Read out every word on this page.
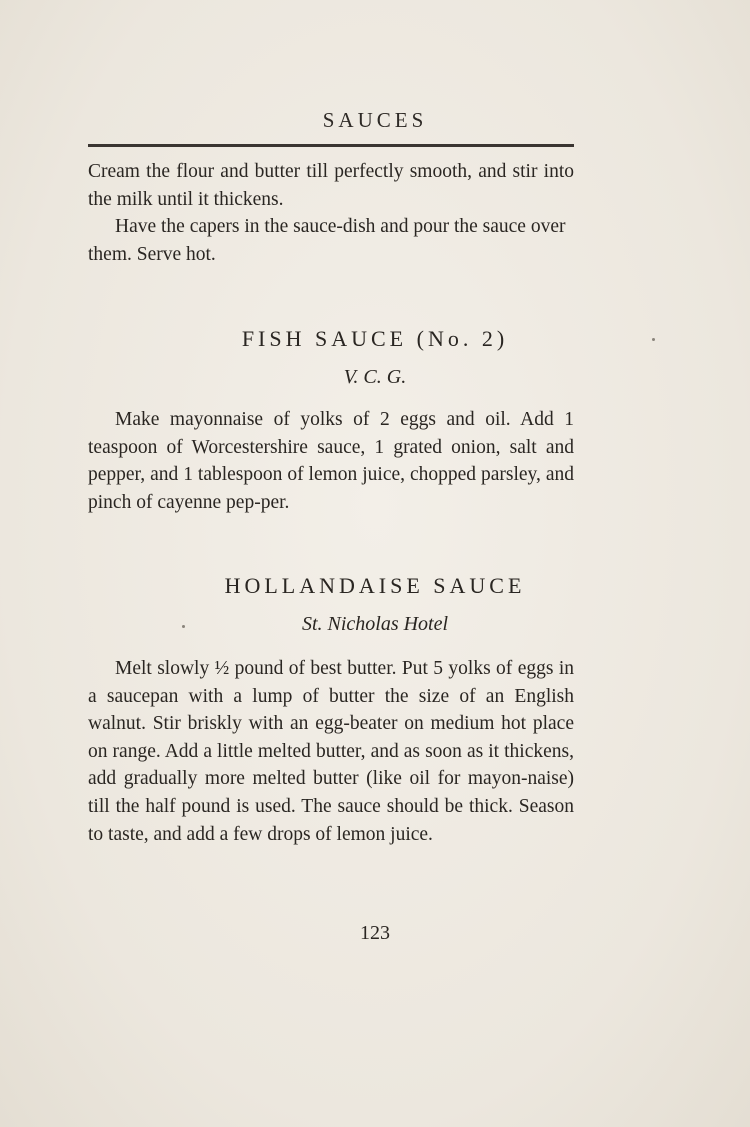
SAUCES

Cream the flour and butter till perfectly smooth, and stir into the milk until it thickens.

Have the capers in the sauce-dish and pour the sauce over them. Serve hot.

FISH SAUCE (No. 2)
V. C. G.

Make mayonnaise of yolks of 2 eggs and oil. Add 1 teaspoon of Worcestershire sauce, 1 grated onion, salt and pepper, and 1 tablespoon of lemon juice, chopped parsley, and pinch of cayenne pep-per.

HOLLANDAISE SAUCE
St. Nicholas Hotel

Melt slowly ½ pound of best butter. Put 5 yolks of eggs in a saucepan with a lump of butter the size of an English walnut. Stir briskly with an egg-beater on medium hot place on range. Add a little melted butter, and as soon as it thickens, add gradually more melted butter (like oil for mayon-naise) till the half pound is used. The sauce should be thick. Season to taste, and add a few drops of lemon juice.

123
